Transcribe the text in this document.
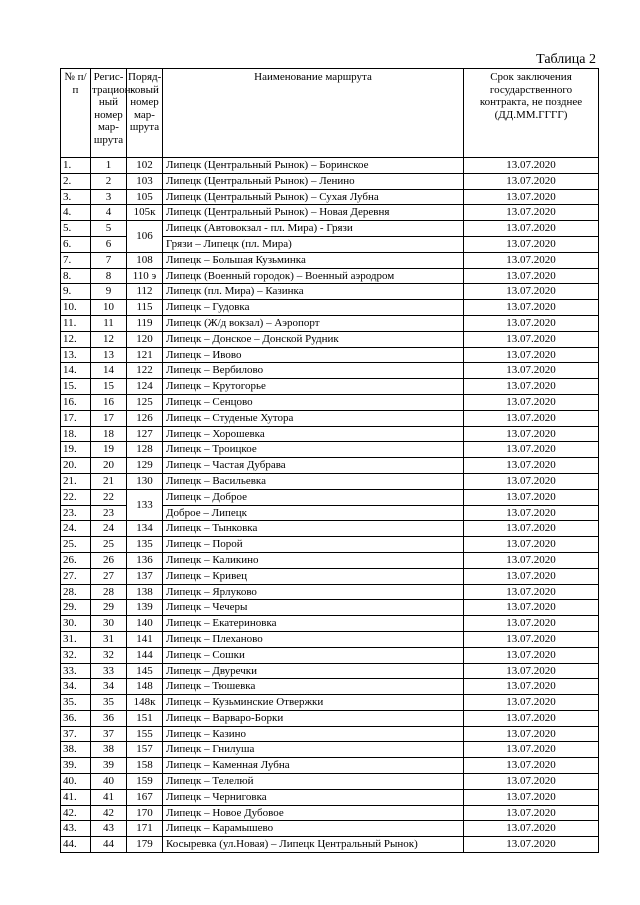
Таблица 2
№ п/п	Регис-трацион-ный номер мар-шрута	Поряд-ковый номер мар-шрута	Наименование маршрута	Срок заключения государственного контракта, не позднее (ДД.ММ.ГГГГ)
1.	1	102	Липецк (Центральный Рынок) – Боринское	13.07.2020
2.	2	103	Липецк (Центральный Рынок) – Ленино	13.07.2020
3.	3	105	Липецк (Центральный Рынок) – Сухая Лубна	13.07.2020
4.	4	105к	Липецк (Центральный Рынок) – Новая Деревня	13.07.2020
5.	5	106	Липецк (Автовокзал - пл. Мира) - Грязи	13.07.2020
6.	6		Грязи – Липецк (пл. Мира)	13.07.2020
7.	7	108	Липецк – Большая Кузьминка	13.07.2020
8.	8	110 э	Липецк (Военный городок) – Военный аэродром	13.07.2020
9.	9	112	Липецк (пл. Мира) – Казинка	13.07.2020
10.	10	115	Липецк – Гудовка	13.07.2020
11.	11	119	Липецк (Ж/д вокзал) – Аэропорт	13.07.2020
12.	12	120	Липецк – Донское – Донской Рудник	13.07.2020
13.	13	121	Липецк – Ивово	13.07.2020
14.	14	122	Липецк – Вербилово	13.07.2020
15.	15	124	Липецк – Крутогорье	13.07.2020
16.	16	125	Липецк – Сенцово	13.07.2020
17.	17	126	Липецк – Студеные Хутора	13.07.2020
18.	18	127	Липецк – Хорошевка	13.07.2020
19.	19	128	Липецк – Троицкое	13.07.2020
20.	20	129	Липецк – Частая Дубрава	13.07.2020
21.	21	130	Липецк – Васильевка	13.07.2020
22.	22	133	Липецк – Доброе	13.07.2020
23.	23		Доброе – Липецк	13.07.2020
24.	24	134	Липецк – Тынковка	13.07.2020
25.	25	135	Липецк – Порой	13.07.2020
26.	26	136	Липецк – Каликино	13.07.2020
27.	27	137	Липецк – Кривец	13.07.2020
28.	28	138	Липецк – Ярлуково	13.07.2020
29.	29	139	Липецк – Чечеры	13.07.2020
30.	30	140	Липецк – Екатериновка	13.07.2020
31.	31	141	Липецк – Плеханово	13.07.2020
32.	32	144	Липецк – Сошки	13.07.2020
33.	33	145	Липецк – Двуречки	13.07.2020
34.	34	148	Липецк – Тюшевка	13.07.2020
35.	35	148к	Липецк – Кузьминские Отвержки	13.07.2020
36.	36	151	Липецк – Варваро-Борки	13.07.2020
37.	37	155	Липецк – Казино	13.07.2020
38.	38	157	Липецк – Гнилуша	13.07.2020
39.	39	158	Липецк – Каменная Лубна	13.07.2020
40.	40	159	Липецк – Телелюй	13.07.2020
41.	41	167	Липецк – Черниговка	13.07.2020
42.	42	170	Липецк – Новое Дубовое	13.07.2020
43.	43	171	Липецк – Карамышево	13.07.2020
44.	44	179	Косыревка (ул.Новая) – Липецк Центральный Рынок)	13.07.2020
